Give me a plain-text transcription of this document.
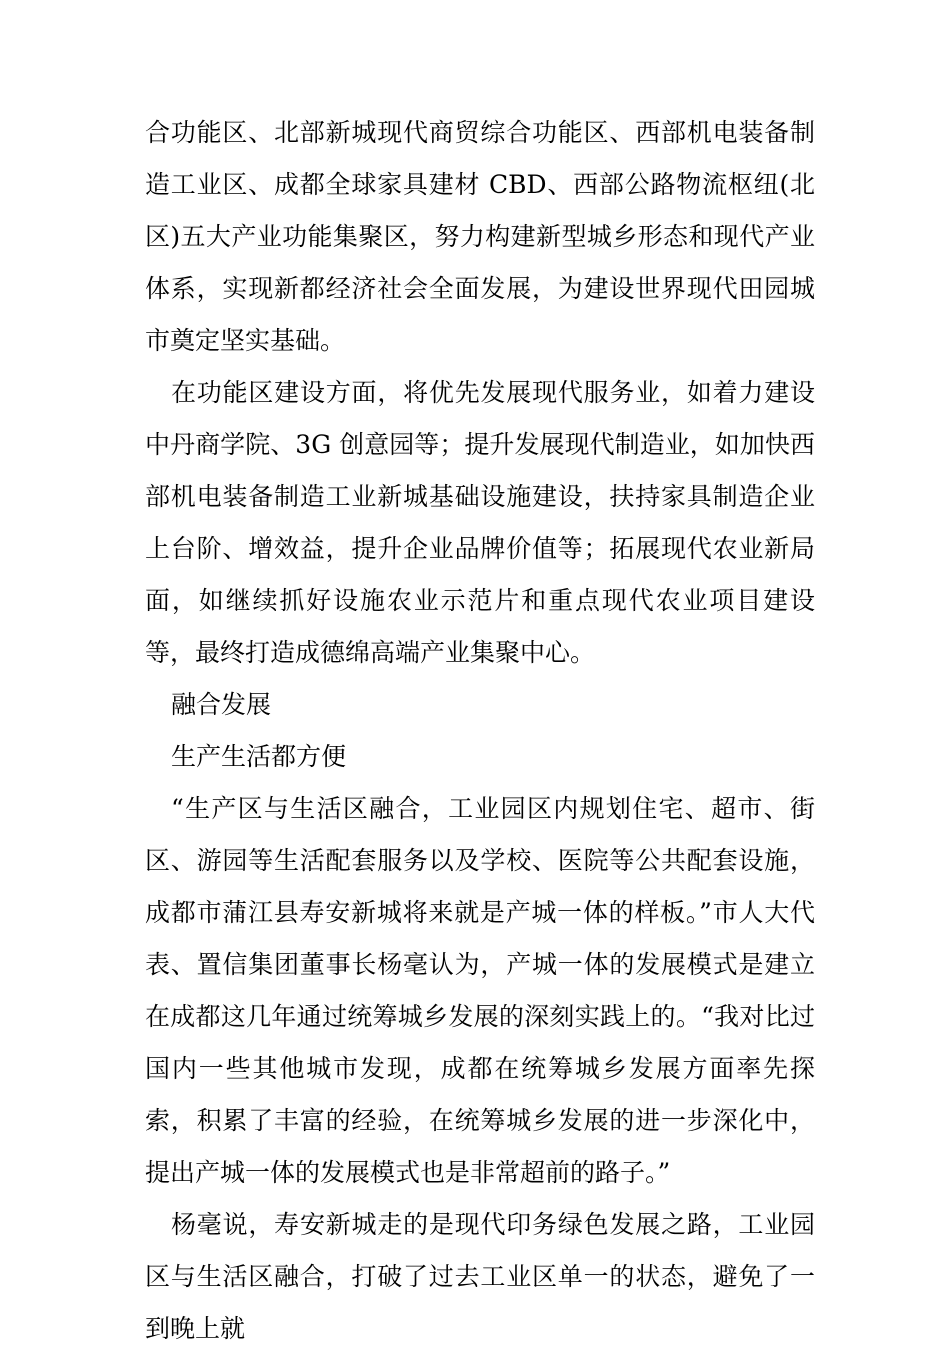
合功能区、北部新城现代商贸综合功能区、西部机电装备制造工业区、成都全球家具建材 CBD、西部公路物流枢纽(北区)五大产业功能集聚区，努力构建新型城乡形态和现代产业体系，实现新都经济社会全面发展，为建设世界现代田园城市奠定坚实基础。

在功能区建设方面，将优先发展现代服务业，如着力建设中丹商学院、3G 创意园等；提升发展现代制造业，如加快西部机电装备制造工业新城基础设施建设，扶持家具制造企业上台阶、增效益，提升企业品牌价值等；拓展现代农业新局面，如继续抓好设施农业示范片和重点现代农业项目建设等，最终打造成德绵高端产业集聚中心。

融合发展

生产生活都方便

“生产区与生活区融合，工业园区内规划住宅、超市、街区、游园等生活配套服务以及学校、医院等公共配套设施，成都市蒲江县寿安新城将来就是产城一体的样板。”市人大代表、置信集团董事长杨毫认为，产城一体的发展模式是建立在成都这几年通过统筹城乡发展的深刻实践上的。“我对比过国内一些其他城市发现，成都在统筹城乡发展方面率先探索，积累了丰富的经验，在统筹城乡发展的进一步深化中，提出产城一体的发展模式也是非常超前的路子。”

杨毫说，寿安新城走的是现代印务绿色发展之路，工业园区与生活区融合，打破了过去工业区单一的状态，避免了一到晚上就
